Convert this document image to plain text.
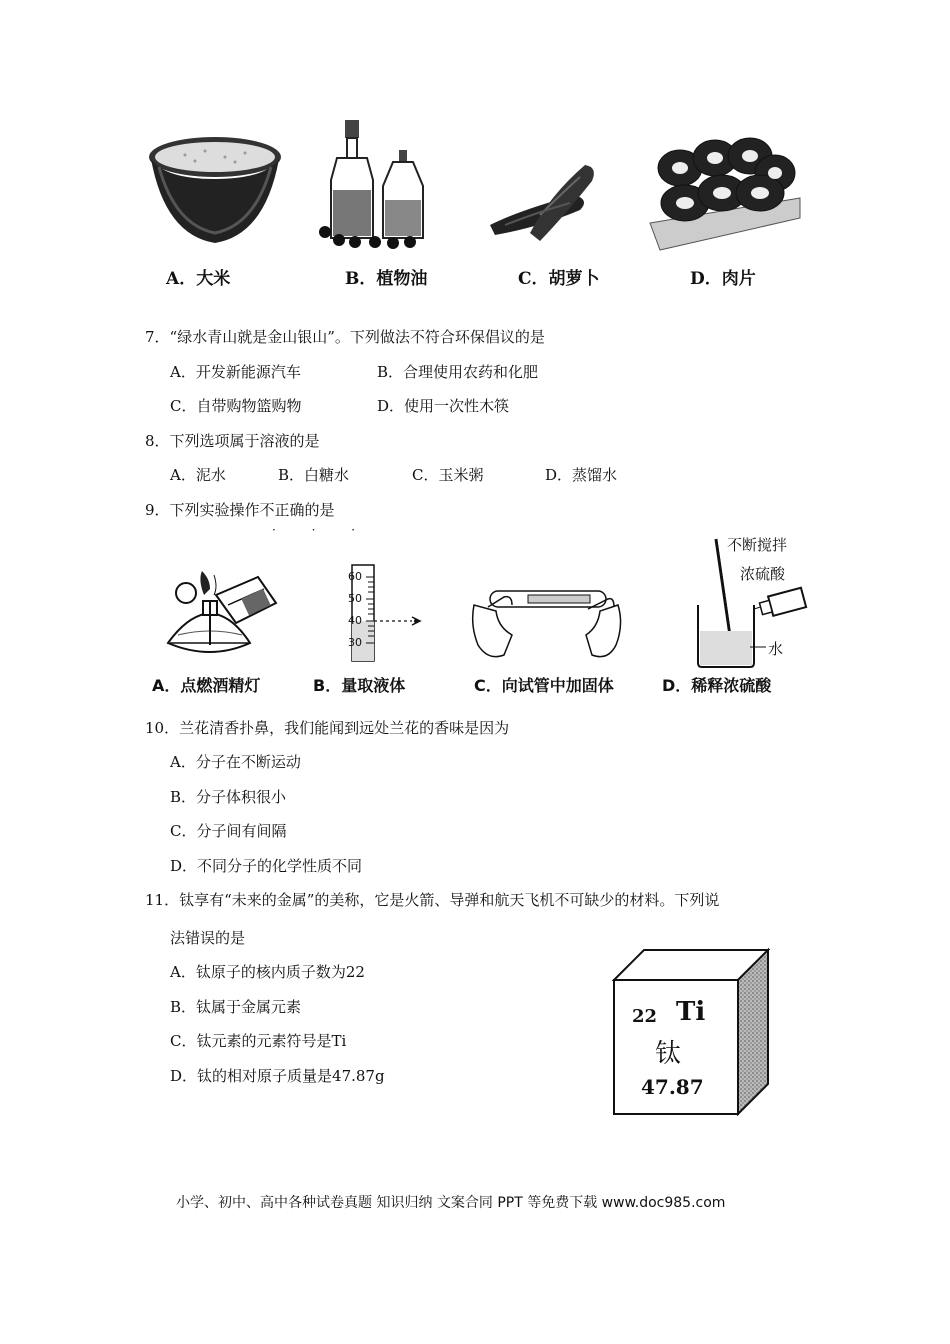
A．大米	B．植物油	C．胡萝卜	D．肉片
7．“绿水青山就是金山银山”。下列做法不符合环保倡议的是
A．开发新能源汽车	B．合理使用农药和化肥
C．自带购物篮购物	D．使用一次性木筷
8．下列选项属于溶液的是
A．泥水	B．白糖水	C．玉米粥	D．蒸馏水
9．下列实验操作不正确的是
· · ·
60
50
40
30
不断搅拌
浓硫酸
水
A．点燃酒精灯	B．量取液体	C．向试管中加固体	D．稀释浓硫酸
10．兰花清香扑鼻，我们能闻到远处兰花的香味是因为
A．分子在不断运动
B．分子体积很小
C．分子间有间隔
D．不同分子的化学性质不同
11．钛享有“未来的金属”的美称，它是火箭、导弹和航天飞机不可缺少的材料。下列说
法错误的是
A．钛原子的核内质子数为22
B．钛属于金属元素
C．钛元素的元素符号是Ti
D．钛的相对原子质量是47.87g
22 Ti
钛
47.87
小学、初中、高中各种试卷真题 知识归纳 文案合同 PPT 等免费下载 www.doc985.com
